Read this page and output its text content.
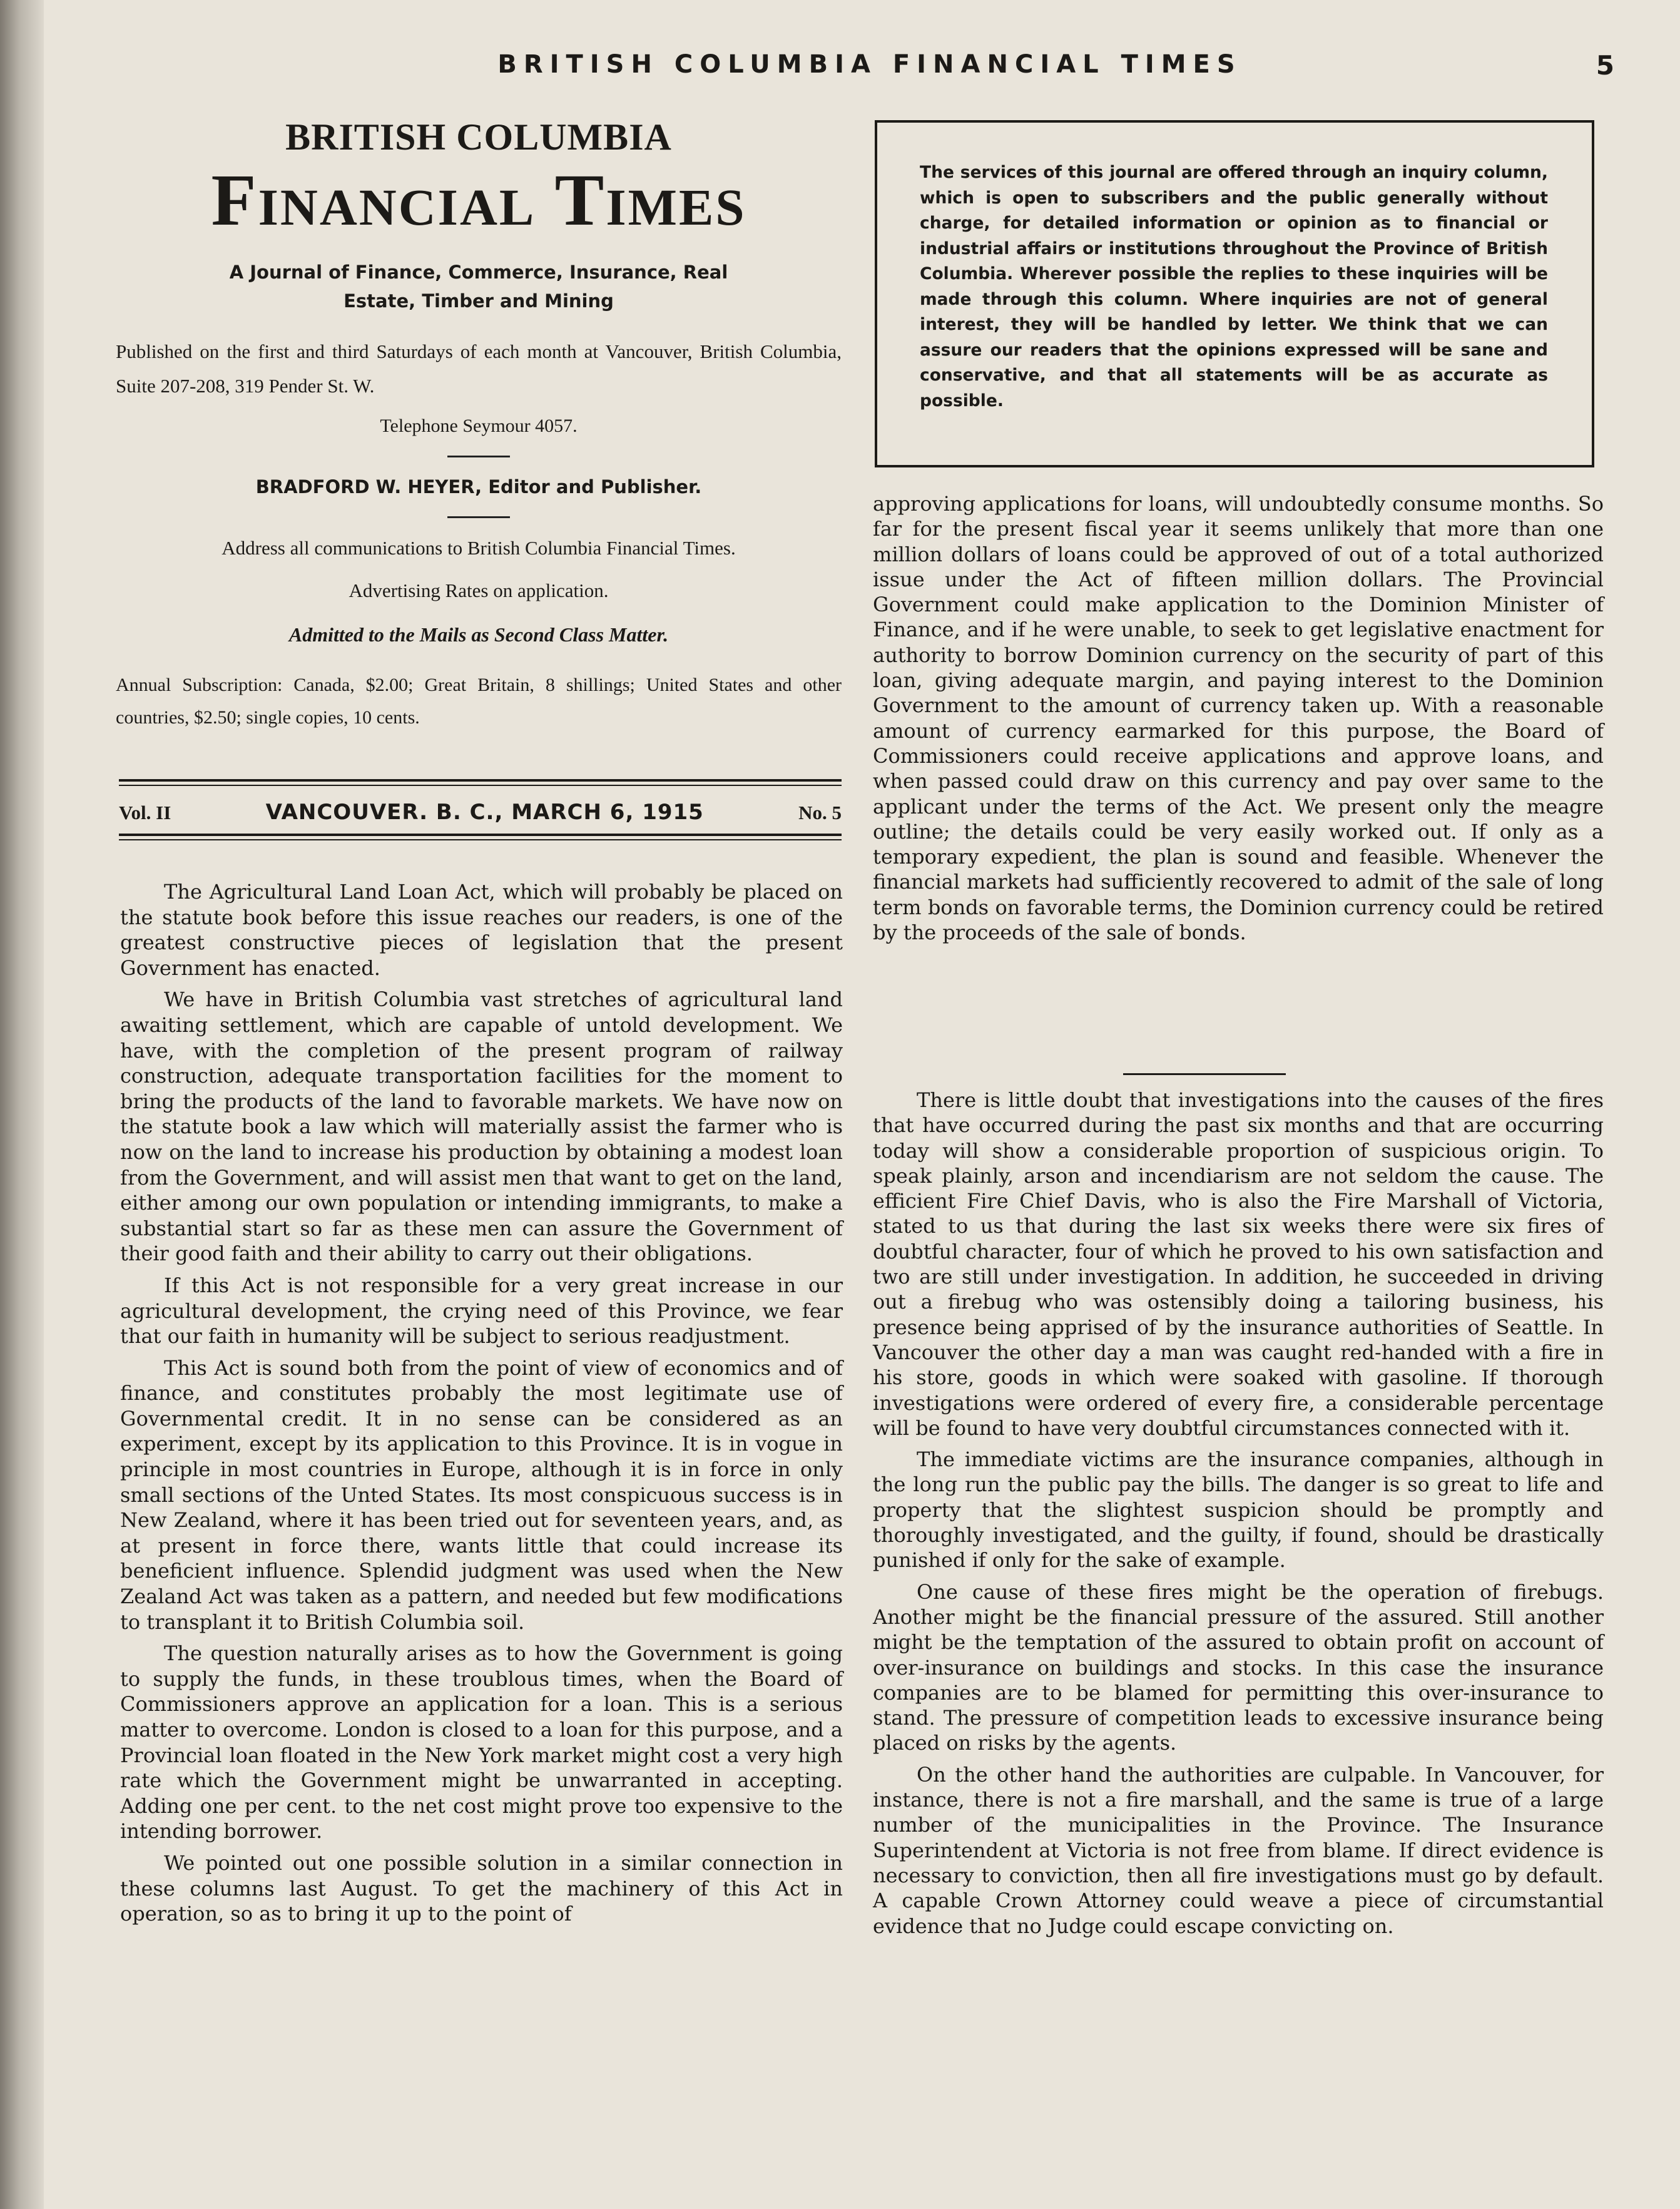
BRITISH COLUMBIA FINANCIAL TIMES	5

BRITISH COLUMBIA

Financial Times

A Journal of Finance, Commerce, Insurance, Real Estate, Timber and Mining

Published on the first and third Saturdays of each month at Vancouver, British Columbia, Suite 207-208, 319 Pender St. W.

Telephone Seymour 4057.

BRADFORD W. HEYER, Editor and Publisher.

Address all communications to British Columbia Financial Times.

Advertising Rates on application.

Admitted to the Mails as Second Class Matter.

Annual Subscription: Canada, $2.00; Great Britain, 8 shillings; United States and other countries, $2.50; single copies, 10 cents.

Vol. II	VANCOUVER. B. C., MARCH 6, 1915	No. 5

The Agricultural Land Loan Act, which will probably be placed on the statute book before this issue reaches our readers, is one of the greatest constructive pieces of legislation that the present Government has enacted.

We have in British Columbia vast stretches of agricultural land awaiting settlement, which are capable of untold development. We have, with the completion of the present program of railway construction, adequate transportation facilities for the moment to bring the products of the land to favorable markets. We have now on the statute book a law which will materially assist the farmer who is now on the land to increase his production by obtaining a modest loan from the Government, and will assist men that want to get on the land, either among our own population or intending immigrants, to make a substantial start so far as these men can assure the Government of their good faith and their ability to carry out their obligations.

If this Act is not responsible for a very great increase in our agricultural development, the crying need of this Province, we fear that our faith in humanity will be subject to serious readjustment.

This Act is sound both from the point of view of economics and of finance, and constitutes probably the most legitimate use of Governmental credit. It in no sense can be considered as an experiment, except by its application to this Province. It is in vogue in principle in most countries in Europe, although it is in force in only small sections of the Unted States. Its most conspicuous success is in New Zealand, where it has been tried out for seventeen years, and, as at present in force there, wants little that could increase its beneficient influence. Splendid judgment was used when the New Zealand Act was taken as a pattern, and needed but few modifications to transplant it to British Columbia soil.

The question naturally arises as to how the Government is going to supply the funds, in these troublous times, when the Board of Commissioners approve an application for a loan. This is a serious matter to overcome. London is closed to a loan for this purpose, and a Provincial loan floated in the New York market might cost a very high rate which the Government might be unwarranted in accepting. Adding one per cent. to the net cost might prove too expensive to the intending borrower.

We pointed out one possible solution in a similar connection in these columns last August. To get the machinery of this Act in operation, so as to bring it up to the point of

The services of this journal are offered through an inquiry column, which is open to subscribers and the public generally without charge, for detailed information or opinion as to financial or industrial affairs or institutions throughout the Province of British Columbia. Wherever possible the replies to these inquiries will be made through this column. Where inquiries are not of general interest, they will be handled by letter. We think that we can assure our readers that the opinions expressed will be sane and conservative, and that all statements will be as accurate as possible.

approving applications for loans, will undoubtedly consume months. So far for the present fiscal year it seems unlikely that more than one million dollars of loans could be approved of out of a total authorized issue under the Act of fifteen million dollars. The Provincial Government could make application to the Dominion Minister of Finance, and if he were unable, to seek to get legislative enactment for authority to borrow Dominion currency on the security of part of this loan, giving adequate margin, and paying interest to the Dominion Government to the amount of currency taken up. With a reasonable amount of currency earmarked for this purpose, the Board of Commissioners could receive applications and approve loans, and when passed could draw on this currency and pay over same to the applicant under the terms of the Act. We present only the meagre outline; the details could be very easily worked out. If only as a temporary expedient, the plan is sound and feasible. Whenever the financial markets had sufficiently recovered to admit of the sale of long term bonds on favorable terms, the Dominion currency could be retired by the proceeds of the sale of bonds.

There is little doubt that investigations into the causes of the fires that have occurred during the past six months and that are occurring today will show a considerable proportion of suspicious origin. To speak plainly, arson and incendiarism are not seldom the cause. The efficient Fire Chief Davis, who is also the Fire Marshall of Victoria, stated to us that during the last six weeks there were six fires of doubtful character, four of which he proved to his own satisfaction and two are still under investigation. In addition, he succeeded in driving out a firebug who was ostensibly doing a tailoring business, his presence being apprised of by the insurance authorities of Seattle. In Vancouver the other day a man was caught red-handed with a fire in his store, goods in which were soaked with gasoline. If thorough investigations were ordered of every fire, a considerable percentage will be found to have very doubtful circumstances connected with it.

The immediate victims are the insurance companies, although in the long run the public pay the bills. The danger is so great to life and property that the slightest suspicion should be promptly and thoroughly investigated, and the guilty, if found, should be drastically punished if only for the sake of example.

One cause of these fires might be the operation of firebugs. Another might be the financial pressure of the assured. Still another might be the temptation of the assured to obtain profit on account of over-insurance on buildings and stocks. In this case the insurance companies are to be blamed for permitting this over-insurance to stand. The pressure of competition leads to excessive insurance being placed on risks by the agents.

On the other hand the authorities are culpable. In Vancouver, for instance, there is not a fire marshall, and the same is true of a large number of the municipalities in the Province. The Insurance Superintendent at Victoria is not free from blame. If direct evidence is necessary to conviction, then all fire investigations must go by default. A capable Crown Attorney could weave a piece of circumstantial evidence that no Judge could escape convicting on.
